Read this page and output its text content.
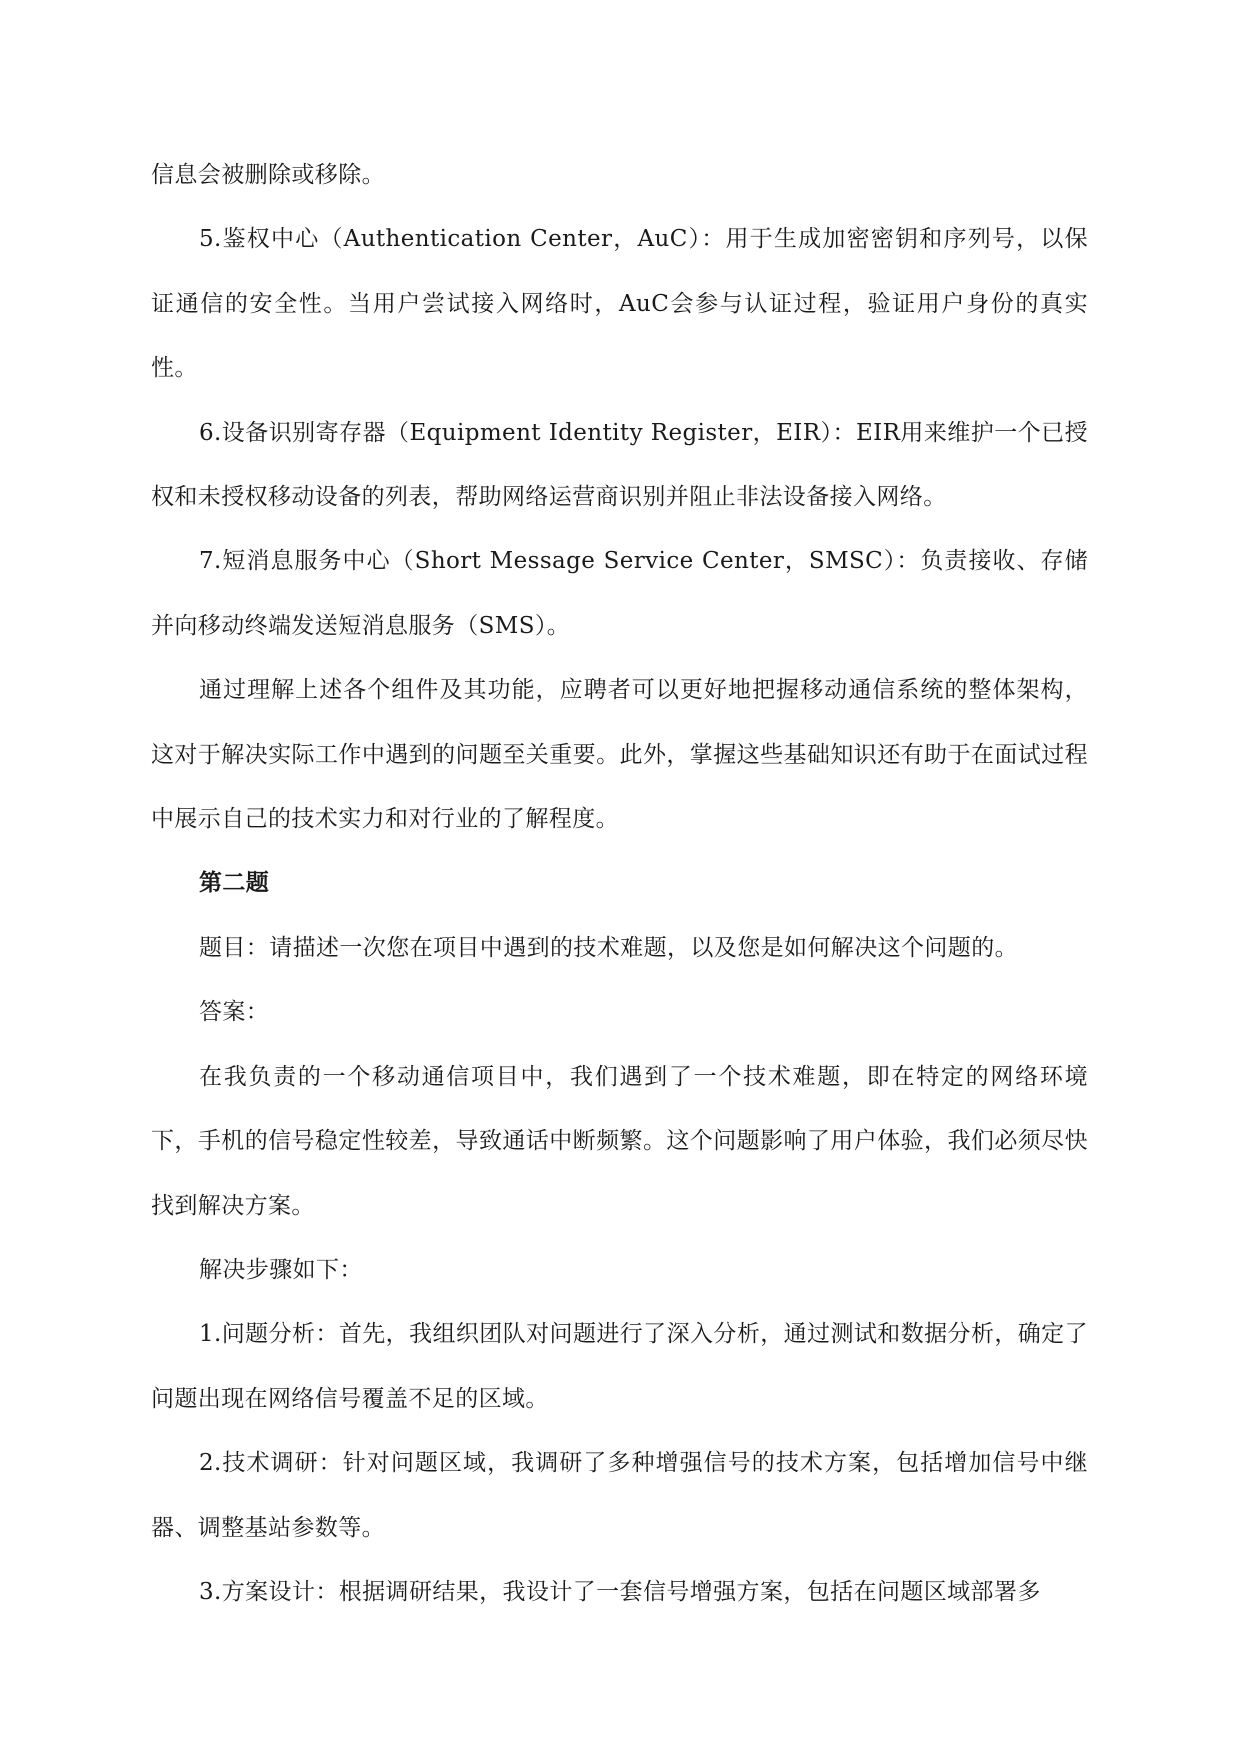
信息会被删除或移除。

5.鉴权中心（Authentication Center，AuC）：用于生成加密密钥和序列号，以保证通信的安全性。当用户尝试接入网络时，AuC会参与认证过程，验证用户身份的真实性。

6.设备识别寄存器（Equipment Identity Register，EIR）：EIR用来维护一个已授权和未授权移动设备的列表，帮助网络运营商识别并阻止非法设备接入网络。

7.短消息服务中心（Short Message Service Center，SMSC）：负责接收、存储并向移动终端发送短消息服务（SMS）。

通过理解上述各个组件及其功能，应聘者可以更好地把握移动通信系统的整体架构，这对于解决实际工作中遇到的问题至关重要。此外，掌握这些基础知识还有助于在面试过程中展示自己的技术实力和对行业的了解程度。

第二题

题目：请描述一次您在项目中遇到的技术难题，以及您是如何解决这个问题的。

答案：

在我负责的一个移动通信项目中，我们遇到了一个技术难题，即在特定的网络环境下，手机的信号稳定性较差，导致通话中断频繁。这个问题影响了用户体验，我们必须尽快找到解决方案。

解决步骤如下：

1.问题分析：首先，我组织团队对问题进行了深入分析，通过测试和数据分析，确定了问题出现在网络信号覆盖不足的区域。

2.技术调研：针对问题区域，我调研了多种增强信号的技术方案，包括增加信号中继器、调整基站参数等。

3.方案设计：根据调研结果，我设计了一套信号增强方案，包括在问题区域部署多
